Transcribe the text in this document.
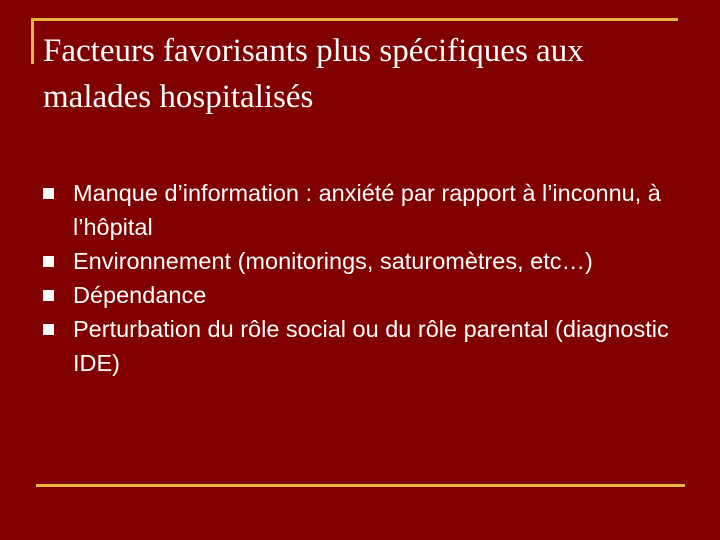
Facteurs favorisants plus spécifiques aux malades hospitalisés
Manque d’information : anxiété par rapport à l’inconnu, à l’hôpital
Environnement (monitorings, saturomètres, etc…)
Dépendance
Perturbation du rôle social ou du rôle parental (diagnostic IDE)
